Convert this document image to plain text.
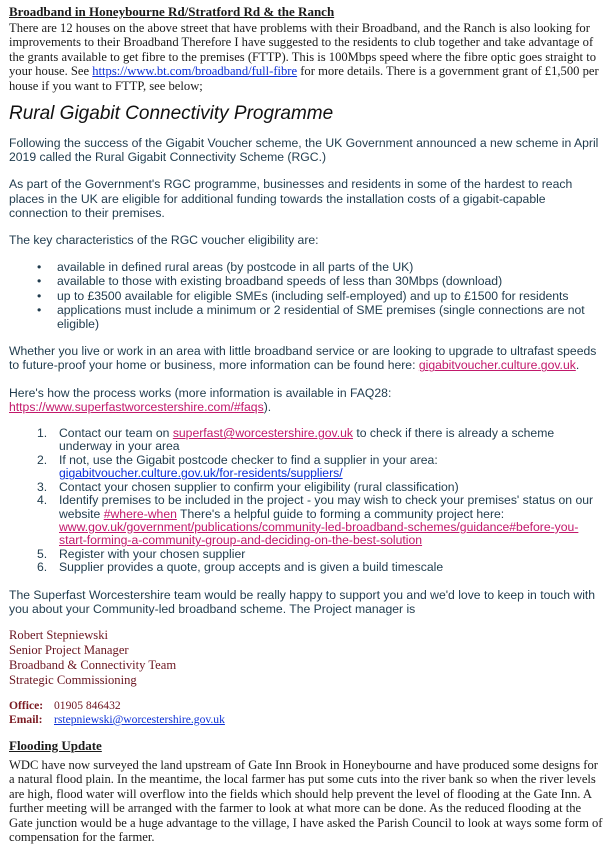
Broadband in Honeybourne Rd/Stratford Rd & the Ranch

There are 12 houses on the above street that have problems with their Broadband, and the Ranch is also looking for improvements to their Broadband Therefore I have suggested to the residents to club together and take advantage of the grants available to get fibre to the premises (FTTP). This is 100Mbps speed where the fibre optic goes straight to your house. See https://www.bt.com/broadband/full-fibre for more details. There is a government grant of £1,500 per house if you want to FTTP, see below;

Rural Gigabit Connectivity Programme

Following the success of the Gigabit Voucher scheme, the UK Government announced a new scheme in April 2019 called the Rural Gigabit Connectivity Scheme (RGC.)

As part of the Government's RGC programme, businesses and residents in some of the hardest to reach places in the UK are eligible for additional funding towards the installation costs of a gigabit-capable connection to their premises.

The key characteristics of the RGC voucher eligibility are:

• available in defined rural areas (by postcode in all parts of the UK)
• available to those with existing broadband speeds of less than 30Mbps (download)
• up to £3500 available for eligible SMEs (including self-employed) and up to £1500 for residents
• applications must include a minimum or 2 residential of SME premises (single connections are not eligible)

Whether you live or work in an area with little broadband service or are looking to upgrade to ultrafast speeds to future-proof your home or business, more information can be found here: gigabitvoucher.culture.gov.uk.

Here's how the process works (more information is available in FAQ28: https://www.superfastworcestershire.com/#faqs).

1. Contact our team on superfast@worcestershire.gov.uk to check if there is already a scheme underway in your area
2. If not, use the Gigabit postcode checker to find a supplier in your area: gigabitvoucher.culture.gov.uk/for-residents/suppliers/
3. Contact your chosen supplier to confirm your eligibility (rural classification)
4. Identify premises to be included in the project - you may wish to check your premises' status on our website #where-when There's a helpful guide to forming a community project here: www.gov.uk/government/publications/community-led-broadband-schemes/guidance#before-you-start-forming-a-community-group-and-deciding-on-the-best-solution
5. Register with your chosen supplier
6. Supplier provides a quote, group accepts and is given a build timescale

The Superfast Worcestershire team would be really happy to support you and we'd love to keep in touch with you about your Community-led broadband scheme. The Project manager is

Robert Stepniewski

Senior Project Manager

Broadband & Connectivity Team

Strategic Commissioning

Office: 01905 846432

Email: rstepniewski@worcestershire.gov.uk

Flooding Update

WDC have now surveyed the land upstream of Gate Inn Brook in Honeybourne and have produced some designs for a natural flood plain. In the meantime, the local farmer has put some cuts into the river bank so when the river levels are high, flood water will overflow into the fields which should help prevent the level of flooding at the Gate Inn. A further meeting will be arranged with the farmer to look at what more can be done. As the reduced flooding at the Gate junction would be a huge advantage to the village, I have asked the Parish Council to look at ways some form of compensation for the farmer.
